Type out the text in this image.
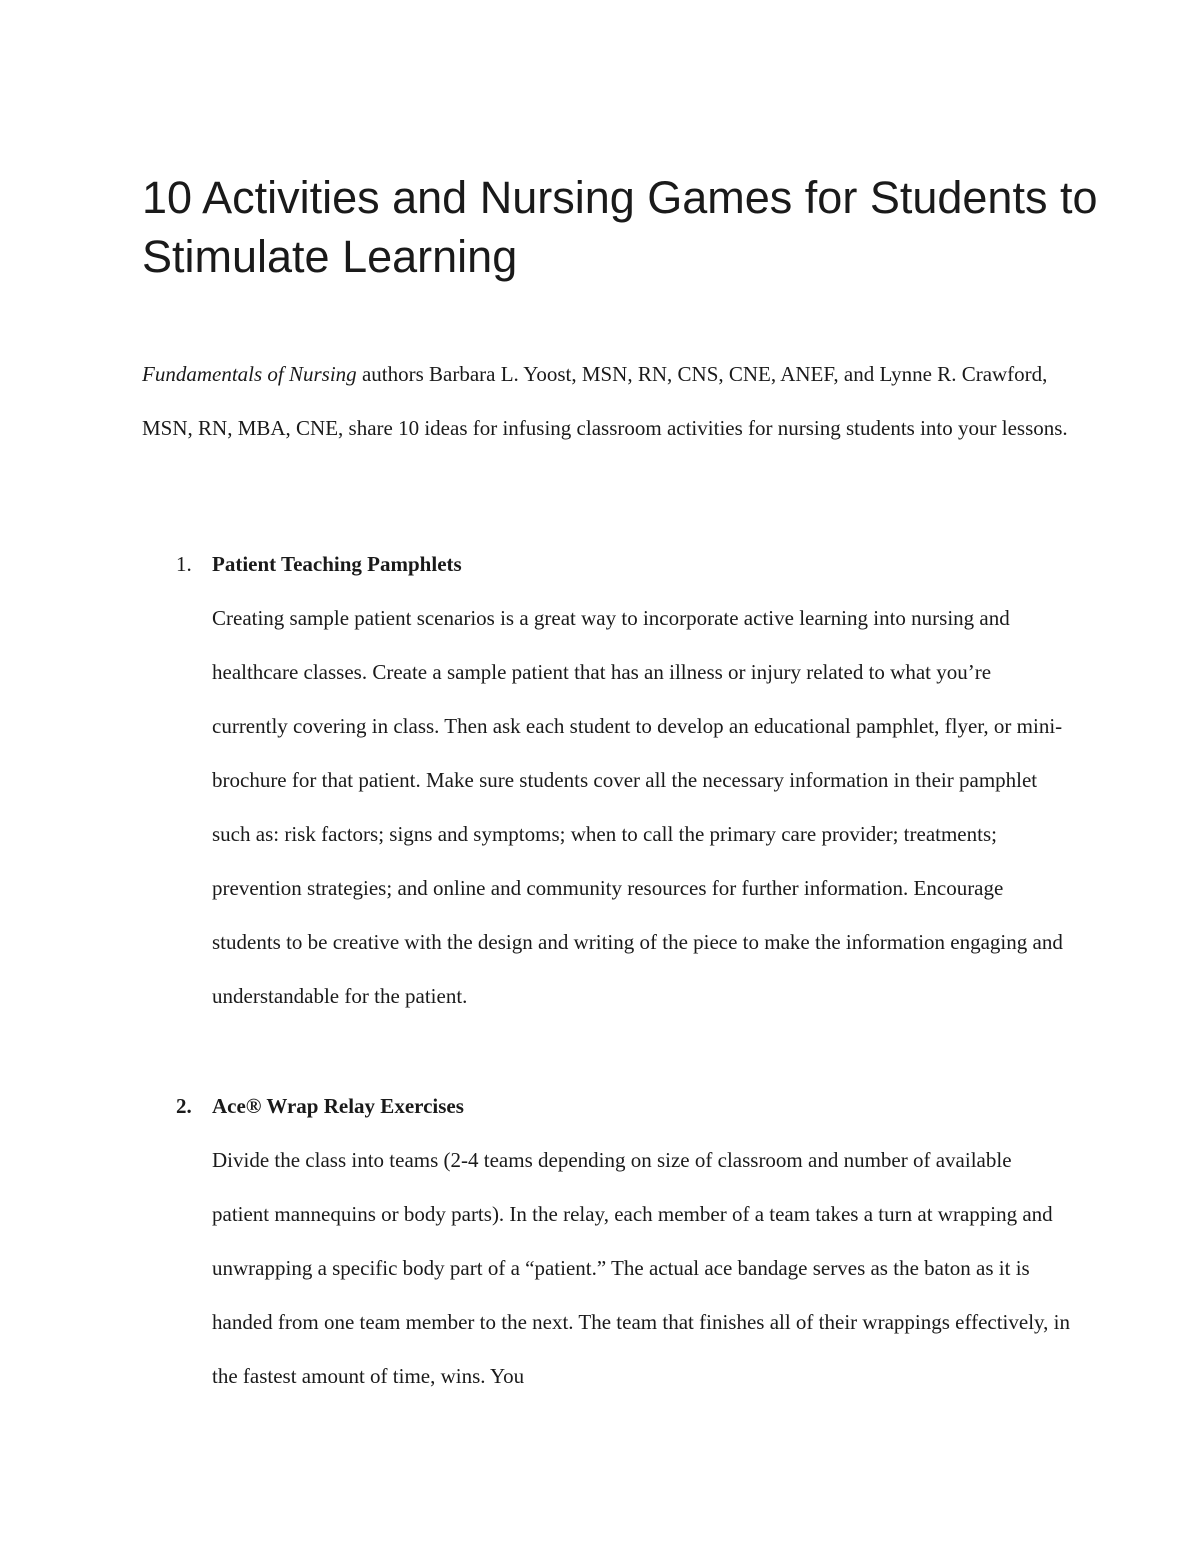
10 Activities and Nursing Games for Students to Stimulate Learning

Fundamentals of Nursing authors Barbara L. Yoost, MSN, RN, CNS, CNE, ANEF, and Lynne R. Crawford, MSN, RN, MBA, CNE, share 10 ideas for infusing classroom activities for nursing students into your lessons.

1. Patient Teaching Pamphlets

Creating sample patient scenarios is a great way to incorporate active learning into nursing and healthcare classes. Create a sample patient that has an illness or injury related to what you’re currently covering in class. Then ask each student to develop an educational pamphlet, flyer, or mini-brochure for that patient. Make sure students cover all the necessary information in their pamphlet such as: risk factors; signs and symptoms; when to call the primary care provider; treatments; prevention strategies; and online and community resources for further information. Encourage students to be creative with the design and writing of the piece to make the information engaging and understandable for the patient.

2. Ace® Wrap Relay Exercises

Divide the class into teams (2-4 teams depending on size of classroom and number of available patient mannequins or body parts). In the relay, each member of a team takes a turn at wrapping and unwrapping a specific body part of a “patient.” The actual ace bandage serves as the baton as it is handed from one team member to the next. The team that finishes all of their wrappings effectively, in the fastest amount of time, wins. You
